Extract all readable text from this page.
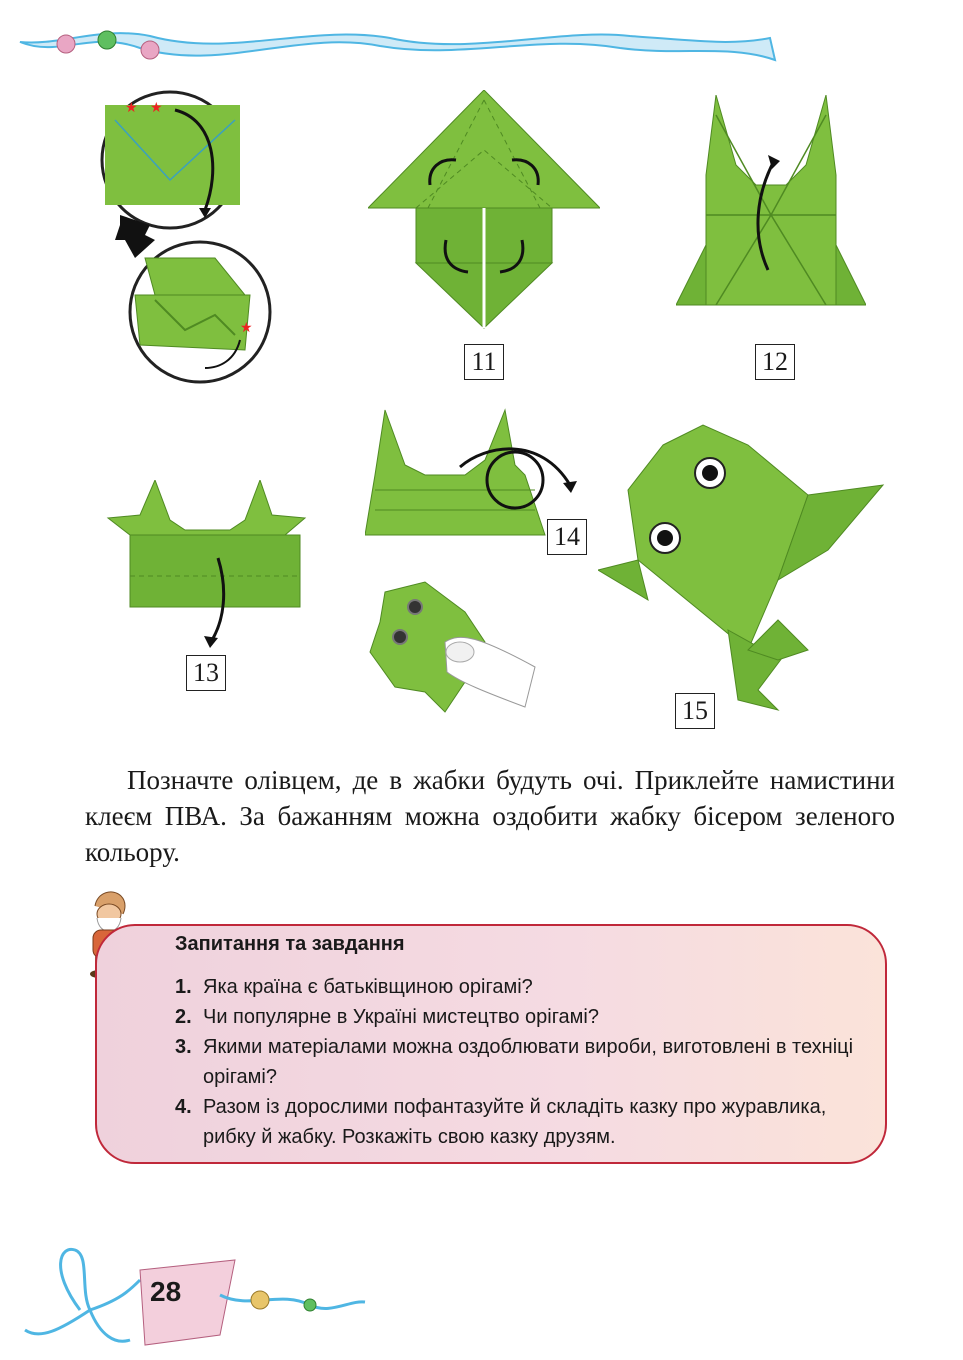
★ ★
★
11	12
13
14
15
Позначте олівцем, де в жабки будуть очі. Приклейте намистини клеєм ПВА. За бажанням можна оздобити жабку бісером зеленого кольору.
Запитання та завдання
1. Яка країна є батьківщиною орігамі?
2. Чи популярне в Україні мистецтво орігамі?
3. Якими матеріалами можна оздоблювати вироби, виготовлені в техніці орігамі?
4. Разом із дорослими пофантазуйте й складіть казку про журавлика, рибку й жабку. Розкажіть свою казку друзям.
28
